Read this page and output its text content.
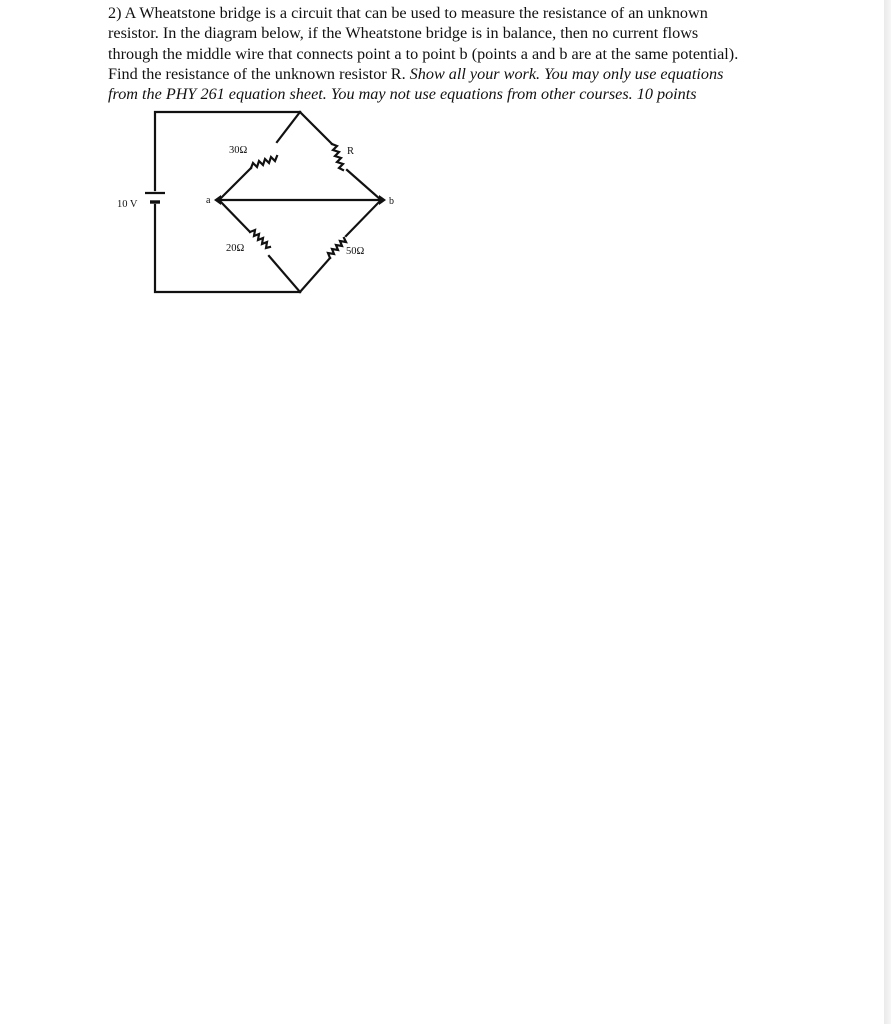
2) A Wheatstone bridge is a circuit that can be used to measure the resistance of an unknown
resistor. In the diagram below, if the Wheatstone bridge is in balance, then no current flows
through the middle wire that connects point a to point b (points a and b are at the same potential).
Find the resistance of the unknown resistor R. Show all your work. You may only use equations
from the PHY 261 equation sheet. You may not use equations from other courses. 10 points
10 V	a	b
30Ω	R
20Ω	50Ω
